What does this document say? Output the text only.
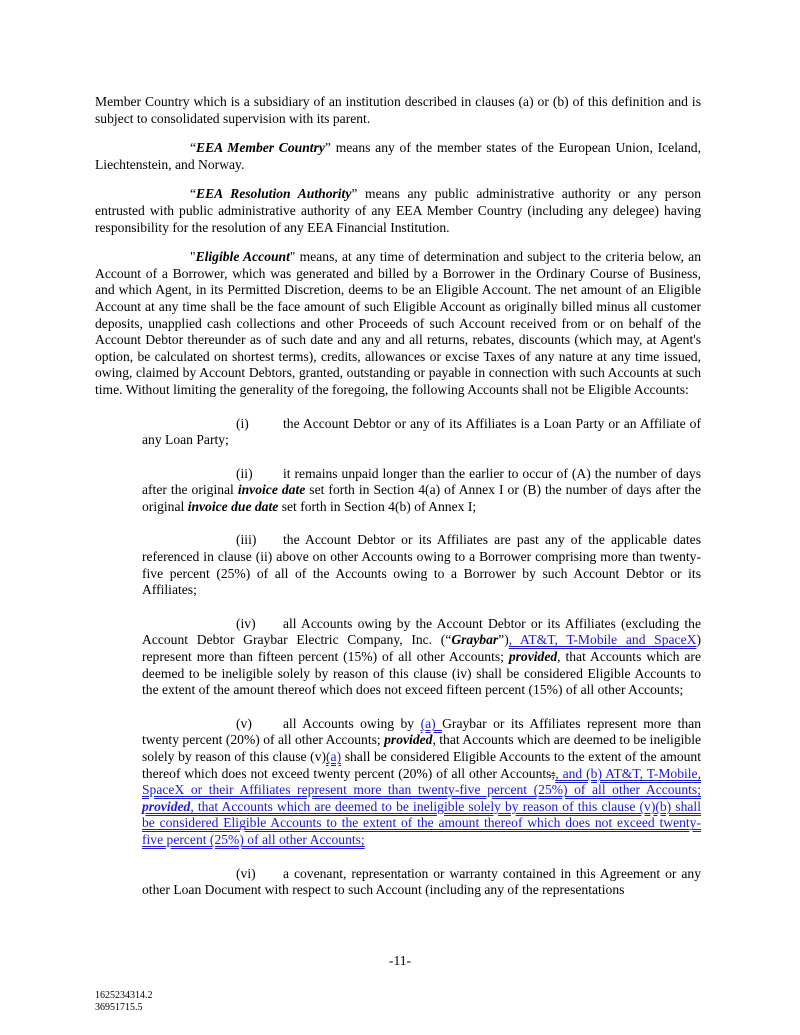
Member Country which is a subsidiary of an institution described in clauses (a) or (b) of this definition and is subject to consolidated supervision with its parent.

“EEA Member Country” means any of the member states of the European Union, Iceland, Liechtenstein, and Norway.

“EEA Resolution Authority” means any public administrative authority or any person entrusted with public administrative authority of any EEA Member Country (including any delegee) having responsibility for the resolution of any EEA Financial Institution.

"Eligible Account" means, at any time of determination and subject to the criteria below, an Account of a Borrower, which was generated and billed by a Borrower in the Ordinary Course of Business, and which Agent, in its Permitted Discretion, deems to be an Eligible Account. The net amount of an Eligible Account at any time shall be the face amount of such Eligible Account as originally billed minus all customer deposits, unapplied cash collections and other Proceeds of such Account received from or on behalf of the Account Debtor thereunder as of such date and any and all returns, rebates, discounts (which may, at Agent's option, be calculated on shortest terms), credits, allowances or excise Taxes of any nature at any time issued, owing, claimed by Account Debtors, granted, outstanding or payable in connection with such Accounts at such time. Without limiting the generality of the foregoing, the following Accounts shall not be Eligible Accounts:

(i)	the Account Debtor or any of its Affiliates is a Loan Party or an Affiliate of any Loan Party;

(ii) it remains unpaid longer than the earlier to occur of (A) the number of days after the original invoice date set forth in Section 4(a) of Annex I or (B) the number of days after the original invoice due date set forth in Section 4(b) of Annex I;

(iii) the Account Debtor or its Affiliates are past any of the applicable dates referenced in clause (ii) above on other Accounts owing to a Borrower comprising more than twenty-five percent (25%) of all of the Accounts owing to a Borrower by such Account Debtor or its Affiliates;

(iv) all Accounts owing by the Account Debtor or its Affiliates (excluding the Account Debtor Graybar Electric Company, Inc. (“Graybar”), AT&T, T-Mobile and SpaceX) represent more than fifteen percent (15%) of all other Accounts; provided, that Accounts which are deemed to be ineligible solely by reason of this clause (iv) shall be considered Eligible Accounts to the extent of the amount thereof which does not exceed fifteen percent (15%) of all other Accounts;

(v) all Accounts owing by (a) Graybar or its Affiliates represent more than twenty percent (20%) of all other Accounts; provided, that Accounts which are deemed to be ineligible solely by reason of this clause (v)(a) shall be considered Eligible Accounts to the extent of the amount thereof which does not exceed twenty percent (20%) of all other Accounts;, and (b) AT&T, T-Mobile, SpaceX or their Affiliates represent more than twenty-five percent (25%) of all other Accounts; provided, that Accounts which are deemed to be ineligible solely by reason of this clause (v)(b) shall be considered Eligible Accounts to the extent of the amount thereof which does not exceed twenty-five percent (25%) of all other Accounts;

(vi) a covenant, representation or warranty contained in this Agreement or any other Loan Document with respect to such Account (including any of the representations

-11-
1625234314.2
36951715.5
